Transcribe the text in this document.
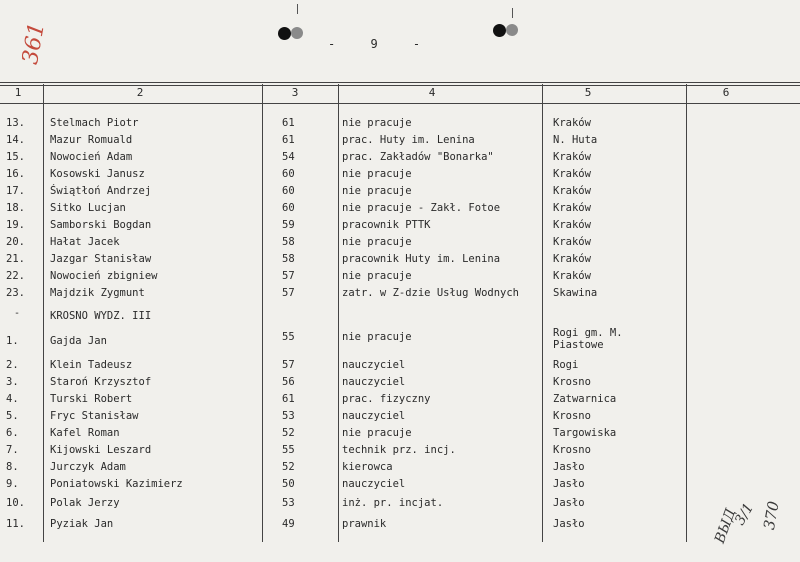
- 9 -
361
1	2	3	4	5	6
13.	Stelmach Piotr	61	nie pracuje	Kraków
14.	Mazur Romuald	61	prac. Huty im. Lenina	N. Huta
15.	Nowocień Adam	54	prac. Zakładów "Bonarka"	Kraków
16.	Kosowski Janusz	60	nie pracuje	Kraków
17.	Świątłoń Andrzej	60	nie pracuje	Kraków
18.	Sitko Lucjan	60	nie pracuje - Zakł. Fotoe	Kraków
19.	Samborski Bogdan	59	pracownik PTTK	Kraków
20.	Hałat Jacek	58	nie pracuje	Kraków
21.	Jazgar Stanisław	58	pracownik Huty im. Lenina	Kraków
22.	Nowocień zbigniew	57	nie pracuje	Kraków
23.	Majdzik Zygmunt	57	zatr. w Z-dzie Usług Wodnych	Skawina
-	KROSNO WYDZ. III
1.	Gajda Jan	55	nie pracuje	Rogi gm. M. Piastowe
2.	Klein Tadeusz	57	nauczyciel	Rogi
3.	Staroń Krzysztof	56	nauczyciel	Krosno
4.	Turski Robert	61	prac. fizyczny	Zatwarnica
5.	Fryc Stanisław	53	nauczyciel	Krosno
6.	Kafel Roman	52	nie pracuje	Targowiska
7.	Kijowski Leszard	55	technik prz. incj.	Krosno
8.	Jurczyk Adam	52	kierowca	Jasło
9.	Poniatowski Kazimierz	50	nauczyciel	Jasło
10.	Polak Jerzy	53	inż. pr. incjat.	Jasło
11.	Pyziak Jan	49	prawnik	Jasło	3/1 370
ВЫД
